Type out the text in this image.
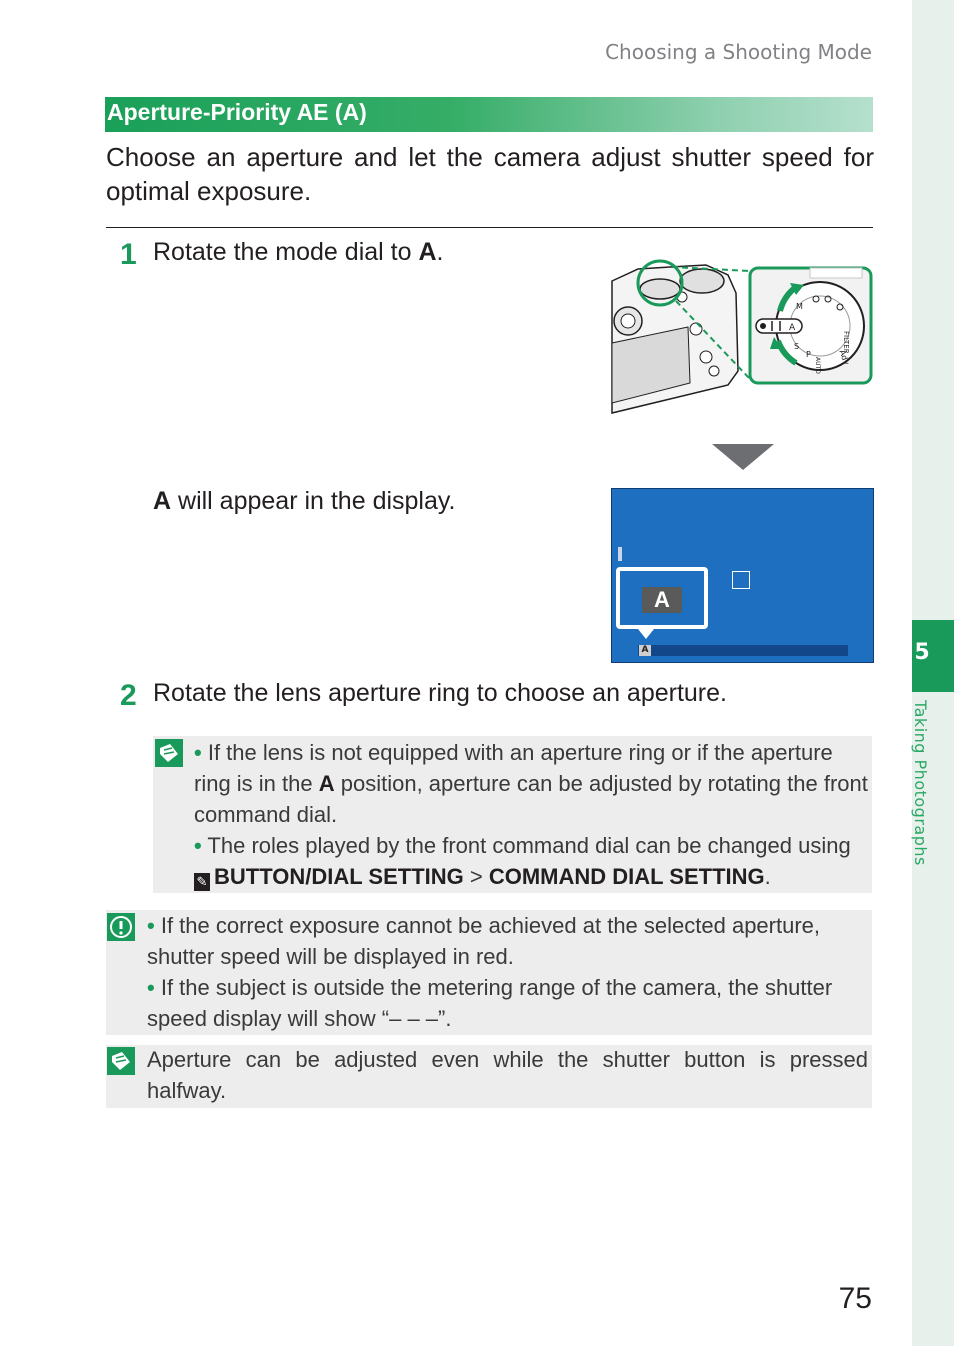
Choosing a Shooting Mode
5
Taking Photographs
Aperture-Priority AE (A)
Choose an aperture and let the camera adjust shutter speed for optimal exposure.
1 Rotate the mode dial to A.
A
FILTER
Adv
AUTO
S
P
M
A will appear in the display.
A
A
2 Rotate the lens aperture ring to choose an aperture.
• If the lens is not equipped with an aperture ring or if the aperture ring is in the A position, aperture can be adjusted by rotating the front command dial.
• The roles played by the front command dial can be changed using ✎ BUTTON/DIAL SETTING > COMMAND DIAL SETTING.
• If the correct exposure cannot be achieved at the selected aperture, shutter speed will be displayed in red.
• If the subject is outside the metering range of the camera, the shutter speed display will show “– – –”.
Aperture can be adjusted even while the shutter button is pressed halfway.
75
